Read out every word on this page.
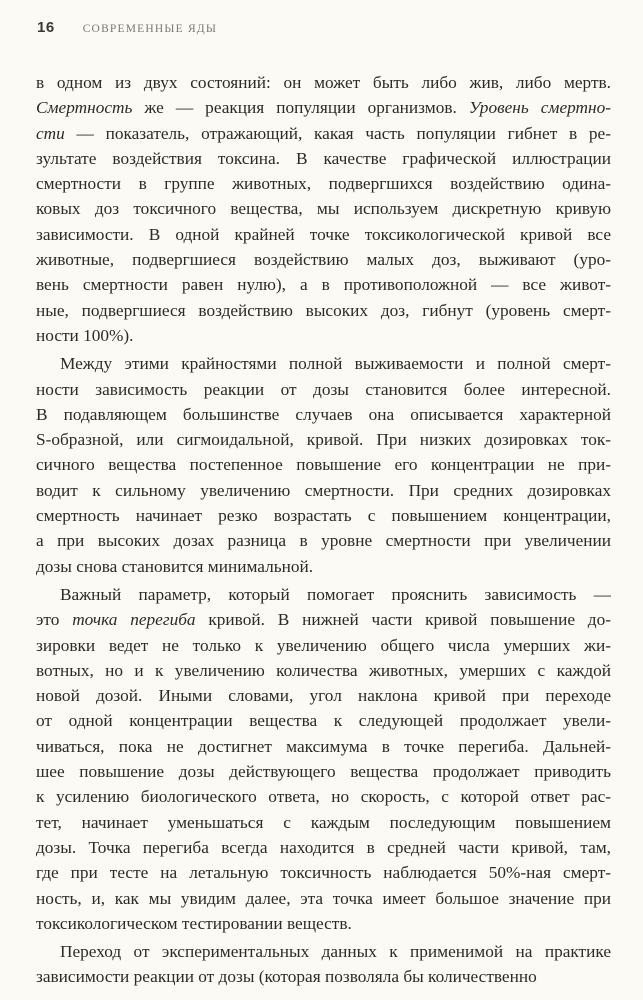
16 СОВРЕМЕННЫЕ ЯДЫ
в одном из двух состояний: он может быть либо жив, либо мертв.
Смертность же — реакция популяции организмов. Уровень смертно-
сти — показатель, отражающий, какая часть популяции гибнет в ре-
зультате воздействия токсина. В качестве графической иллюстрации
смертности в группе животных, подвергшихся воздействию одина-
ковых доз токсичного вещества, мы используем дискретную кривую
зависимости. В одной крайней точке токсикологической кривой все
животные, подвергшиеся воздействию малых доз, выживают (уро-
вень смертности равен нулю), а в противоположной — все живот-
ные, подвергшиеся воздействию высоких доз, гибнут (уровень смерт-
ности 100%).
Между этими крайностями полной выживаемости и полной смерт-
ности зависимость реакции от дозы становится более интересной.
В подавляющем большинстве случаев она описывается характерной
S-образной, или сигмоидальной, кривой. При низких дозировках ток-
сичного вещества постепенное повышение его концентрации не при-
водит к сильному увеличению смертности. При средних дозировках
смертность начинает резко возрастать с повышением концентрации,
а при высоких дозах разница в уровне смертности при увеличении
дозы снова становится минимальной.
Важный параметр, который помогает прояснить зависимость —
это точка перегиба кривой. В нижней части кривой повышение до-
зировки ведет не только к увеличению общего числа умерших жи-
вотных, но и к увеличению количества животных, умерших с каждой
новой дозой. Иными словами, угол наклона кривой при переходе
от одной концентрации вещества к следующей продолжает увели-
чиваться, пока не достигнет максимума в точке перегиба. Дальней-
шее повышение дозы действующего вещества продолжает приводить
к усилению биологического ответа, но скорость, с которой ответ рас-
тет, начинает уменьшаться с каждым последующим повышением
дозы. Точка перегиба всегда находится в средней части кривой, там,
где при тесте на летальную токсичность наблюдается 50%-ная смерт-
ность, и, как мы увидим далее, эта точка имеет большое значение при
токсикологическом тестировании веществ.
Переход от экспериментальных данных к применимой на практике
зависимости реакции от дозы (которая позволяла бы количественно
